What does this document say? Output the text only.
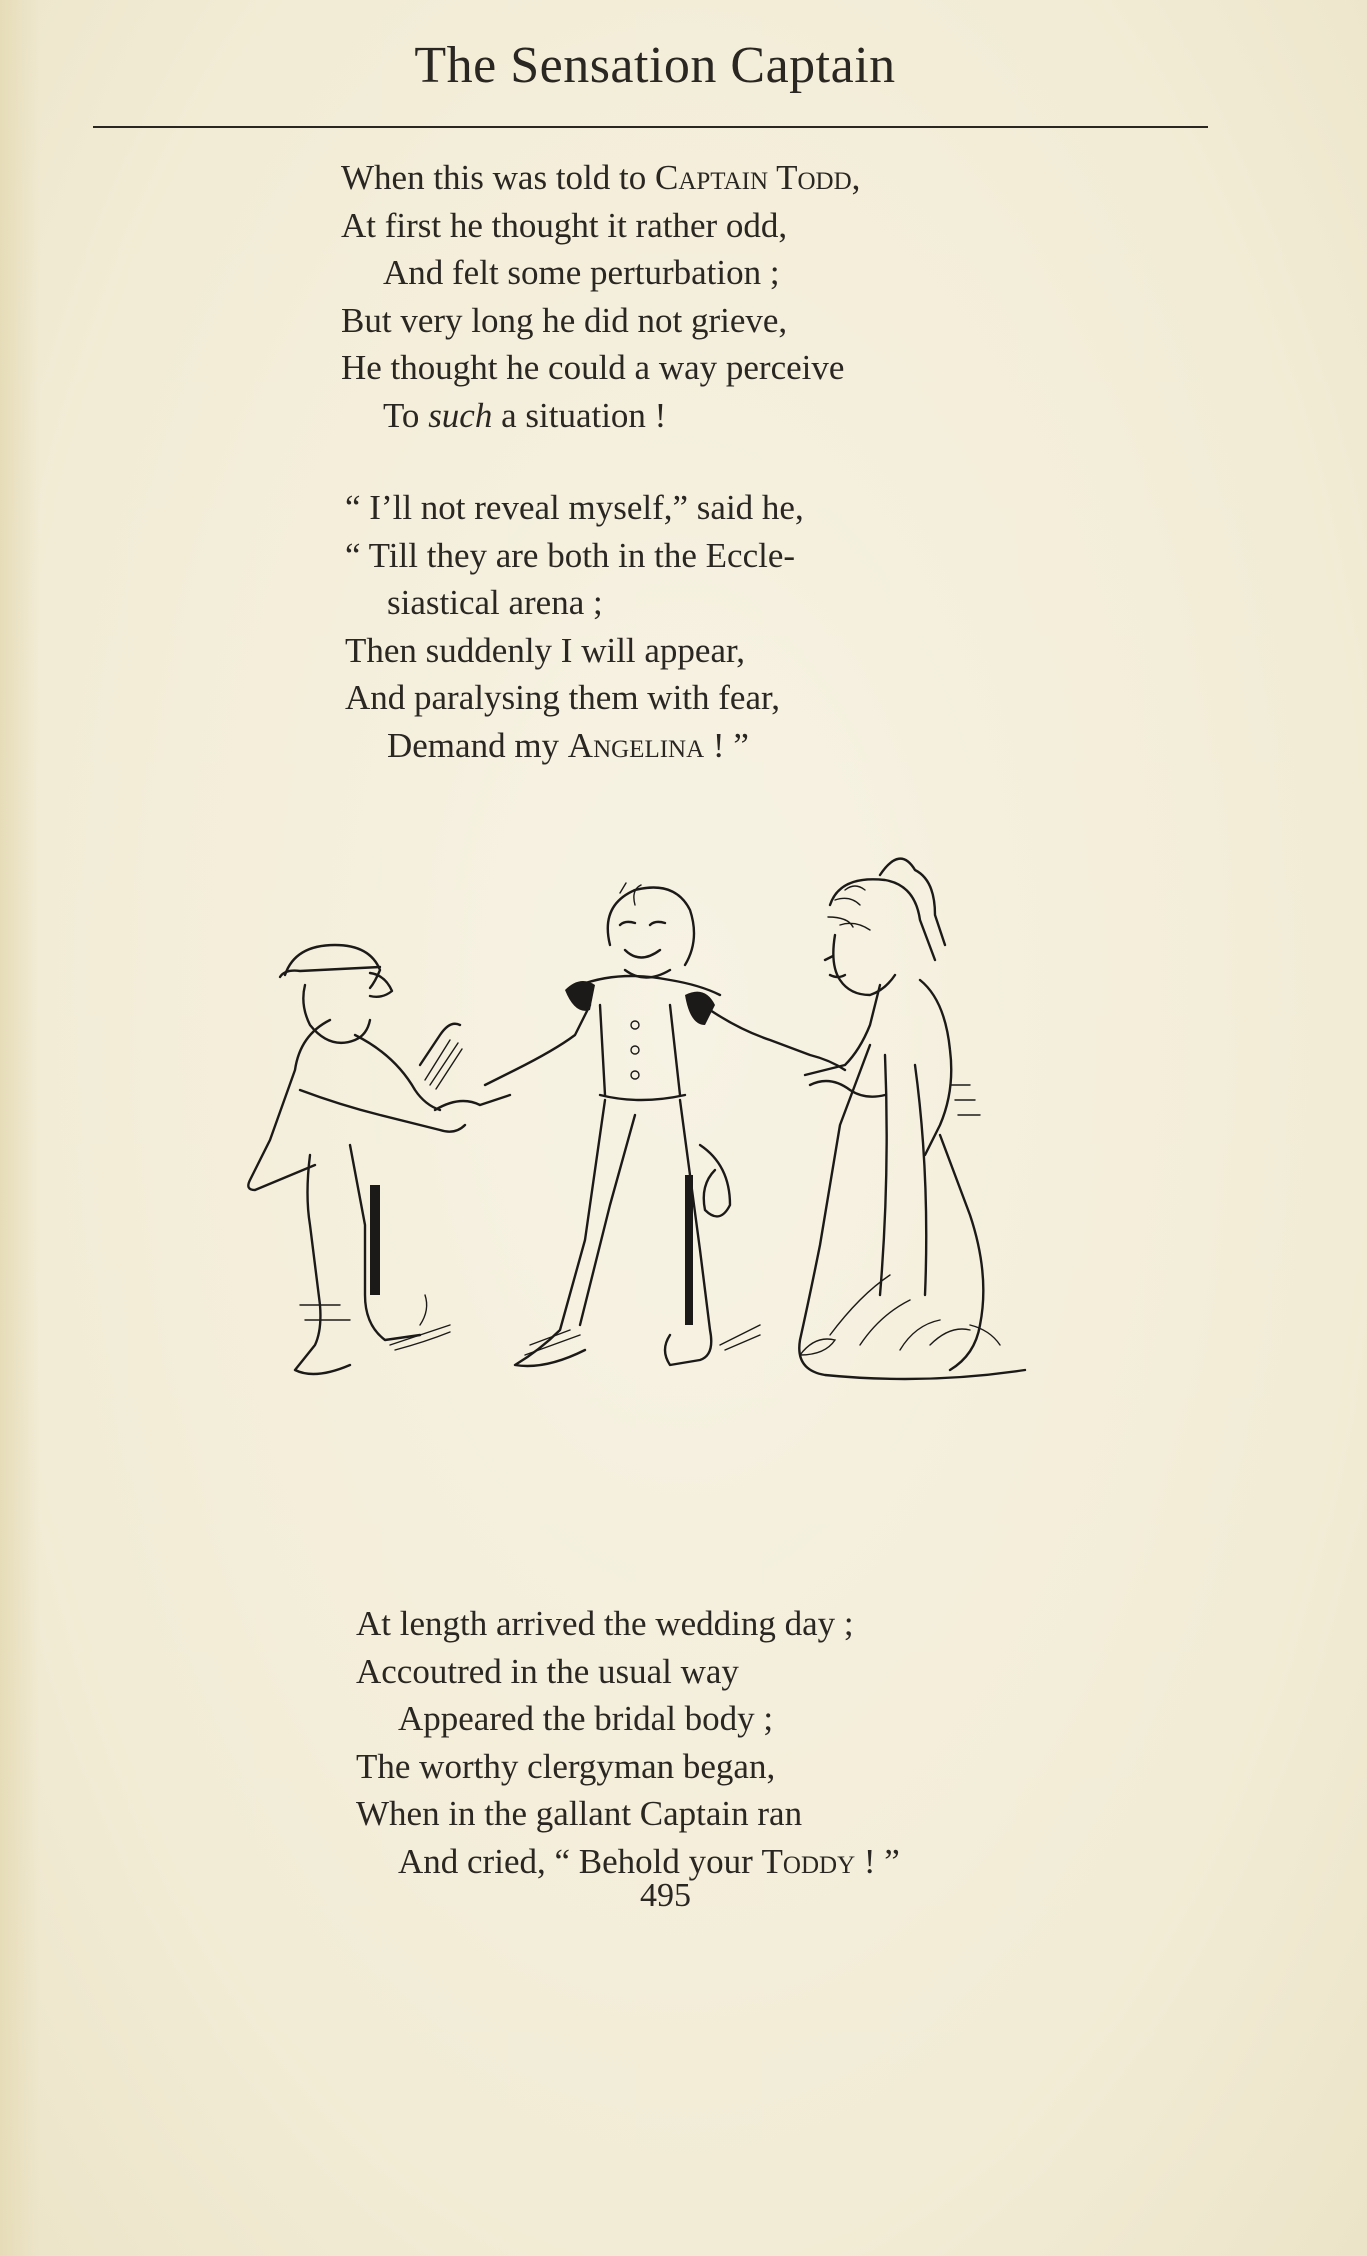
The Sensation Captain
When this was told to Captain Todd,
At first he thought it rather odd,
And felt some perturbation ;
But very long he did not grieve,
He thought he could a way perceive
To such a situation !
“ I’ll not reveal myself,” said he,
“ Till they are both in the Eccle-
siastical arena ;
Then suddenly I will appear,
And paralysing them with fear,
Demand my Angelina ! ”
At length arrived the wedding day ;
Accoutred in the usual way
Appeared the bridal body ;
The worthy clergyman began,
When in the gallant Captain ran
And cried, “ Behold your Toddy ! ”
495
